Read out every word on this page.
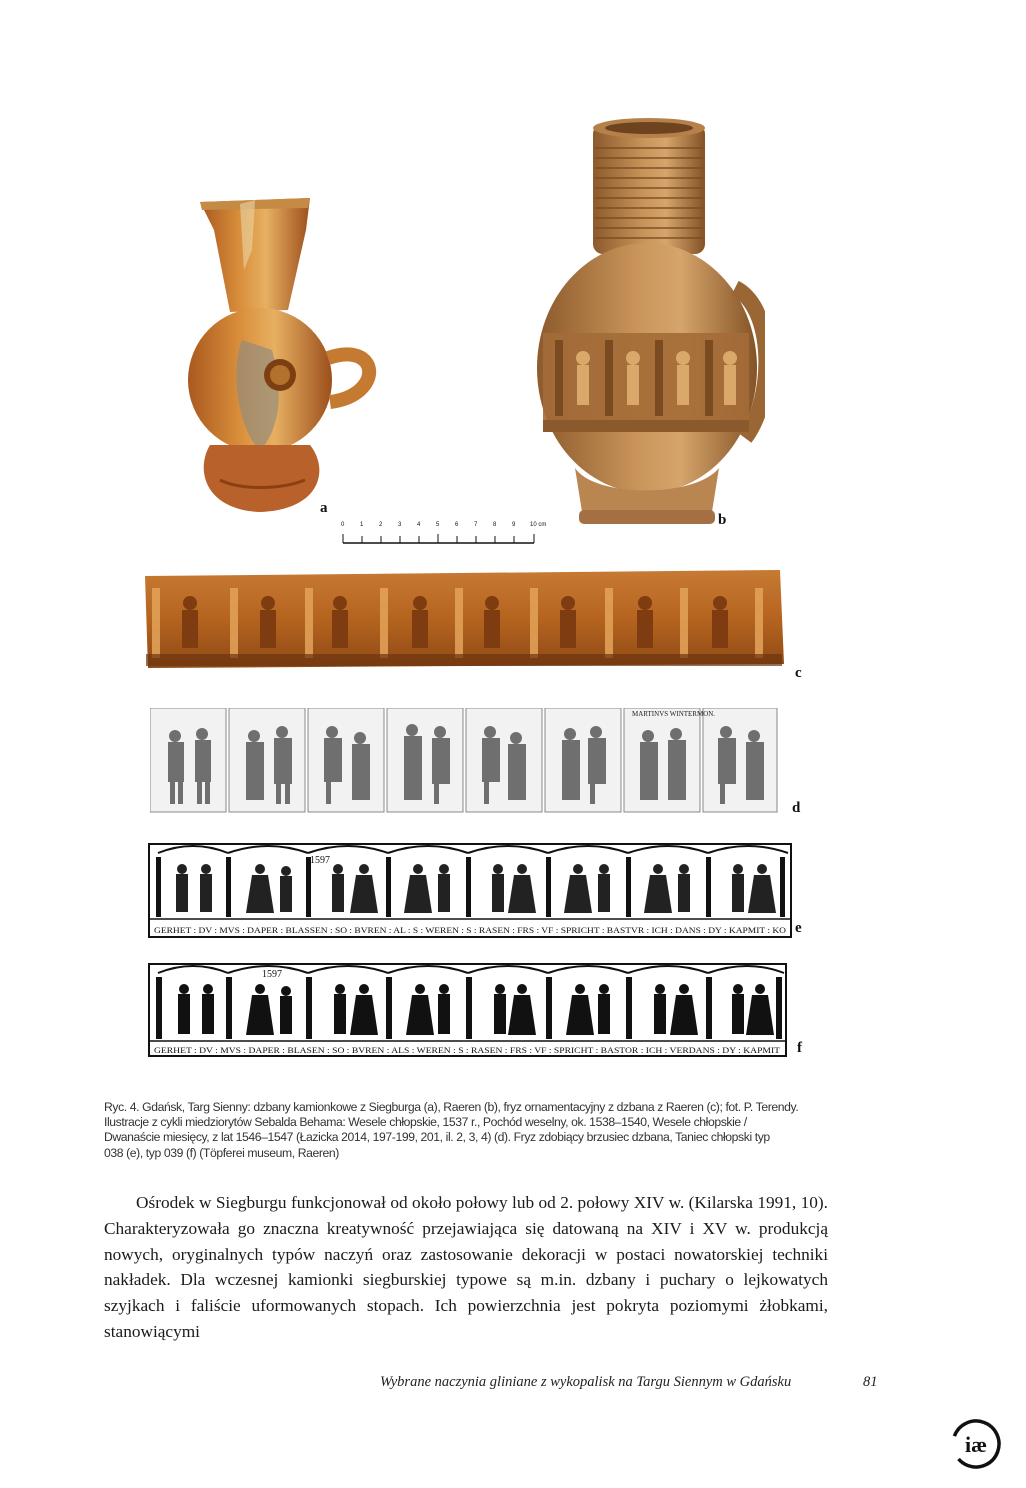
a
b
0	1	2	3	4	5	6	7	8	9 10 cm
c
MARTINVS WINTERMON.
d
1597
GERHET : DV : MVS : DAPER : BLASSEN : SO : BVREN : AL : S : WEREN : S : RASEN : FRS : VF : SPRICHT : BASTVR : ICH : DANS : DY : KAPMIT : KO e
1597
GERHET : DV : MVS : DAPER : BLASEN : SO : BVREN : ALS : WEREN : S : RASEN : FRS : VF : SPRICHT : BASTOR : ICH : VERDANS : DY : KAPMIT f

Ryc. 4. Gdańsk, Targ Sienny: dzbany kamionkowe z Siegburga (a), Raeren (b), fryz ornamentacyjny z dzbana z Raeren (c); fot. P. Terendy.

Ilustracje z cykli miedziorytów Sebalda Behama: Wesele chłopskie, 1537 r., Pochód weselny, ok. 1538–1540, Wesele chłopskie /

Dwanaście miesięcy, z lat 1546–1547 (Łazicka 2014, 197-199, 201, il. 2, 3, 4) (d). Fryz zdobiący brzusiec dzbana, Taniec chłopski typ

038 (e), typ 039 (f) (Töpferei museum, Raeren)

Ośrodek w Siegburgu funkcjonował od około połowy lub od 2. połowy XIV w. (Kilarska 1991, 10). Charakteryzowała go znaczna kreatywność przejawiająca się datowaną na XIV i XV w. produkcją nowych, oryginalnych typów naczyń oraz zastosowanie dekoracji w postaci nowatorskiej techniki nakładek. Dla wczesnej kamionki siegburskiej typowe są m.in. dzbany i puchary o lejkowatych szyjkach i faliście uformowanych stopach. Ich powierzchnia jest pokryta poziomymi żłobkami, stanowiącymi

Wybrane naczynia gliniane z wykopalisk na Targu Siennym w Gdańsku	81
iæ
